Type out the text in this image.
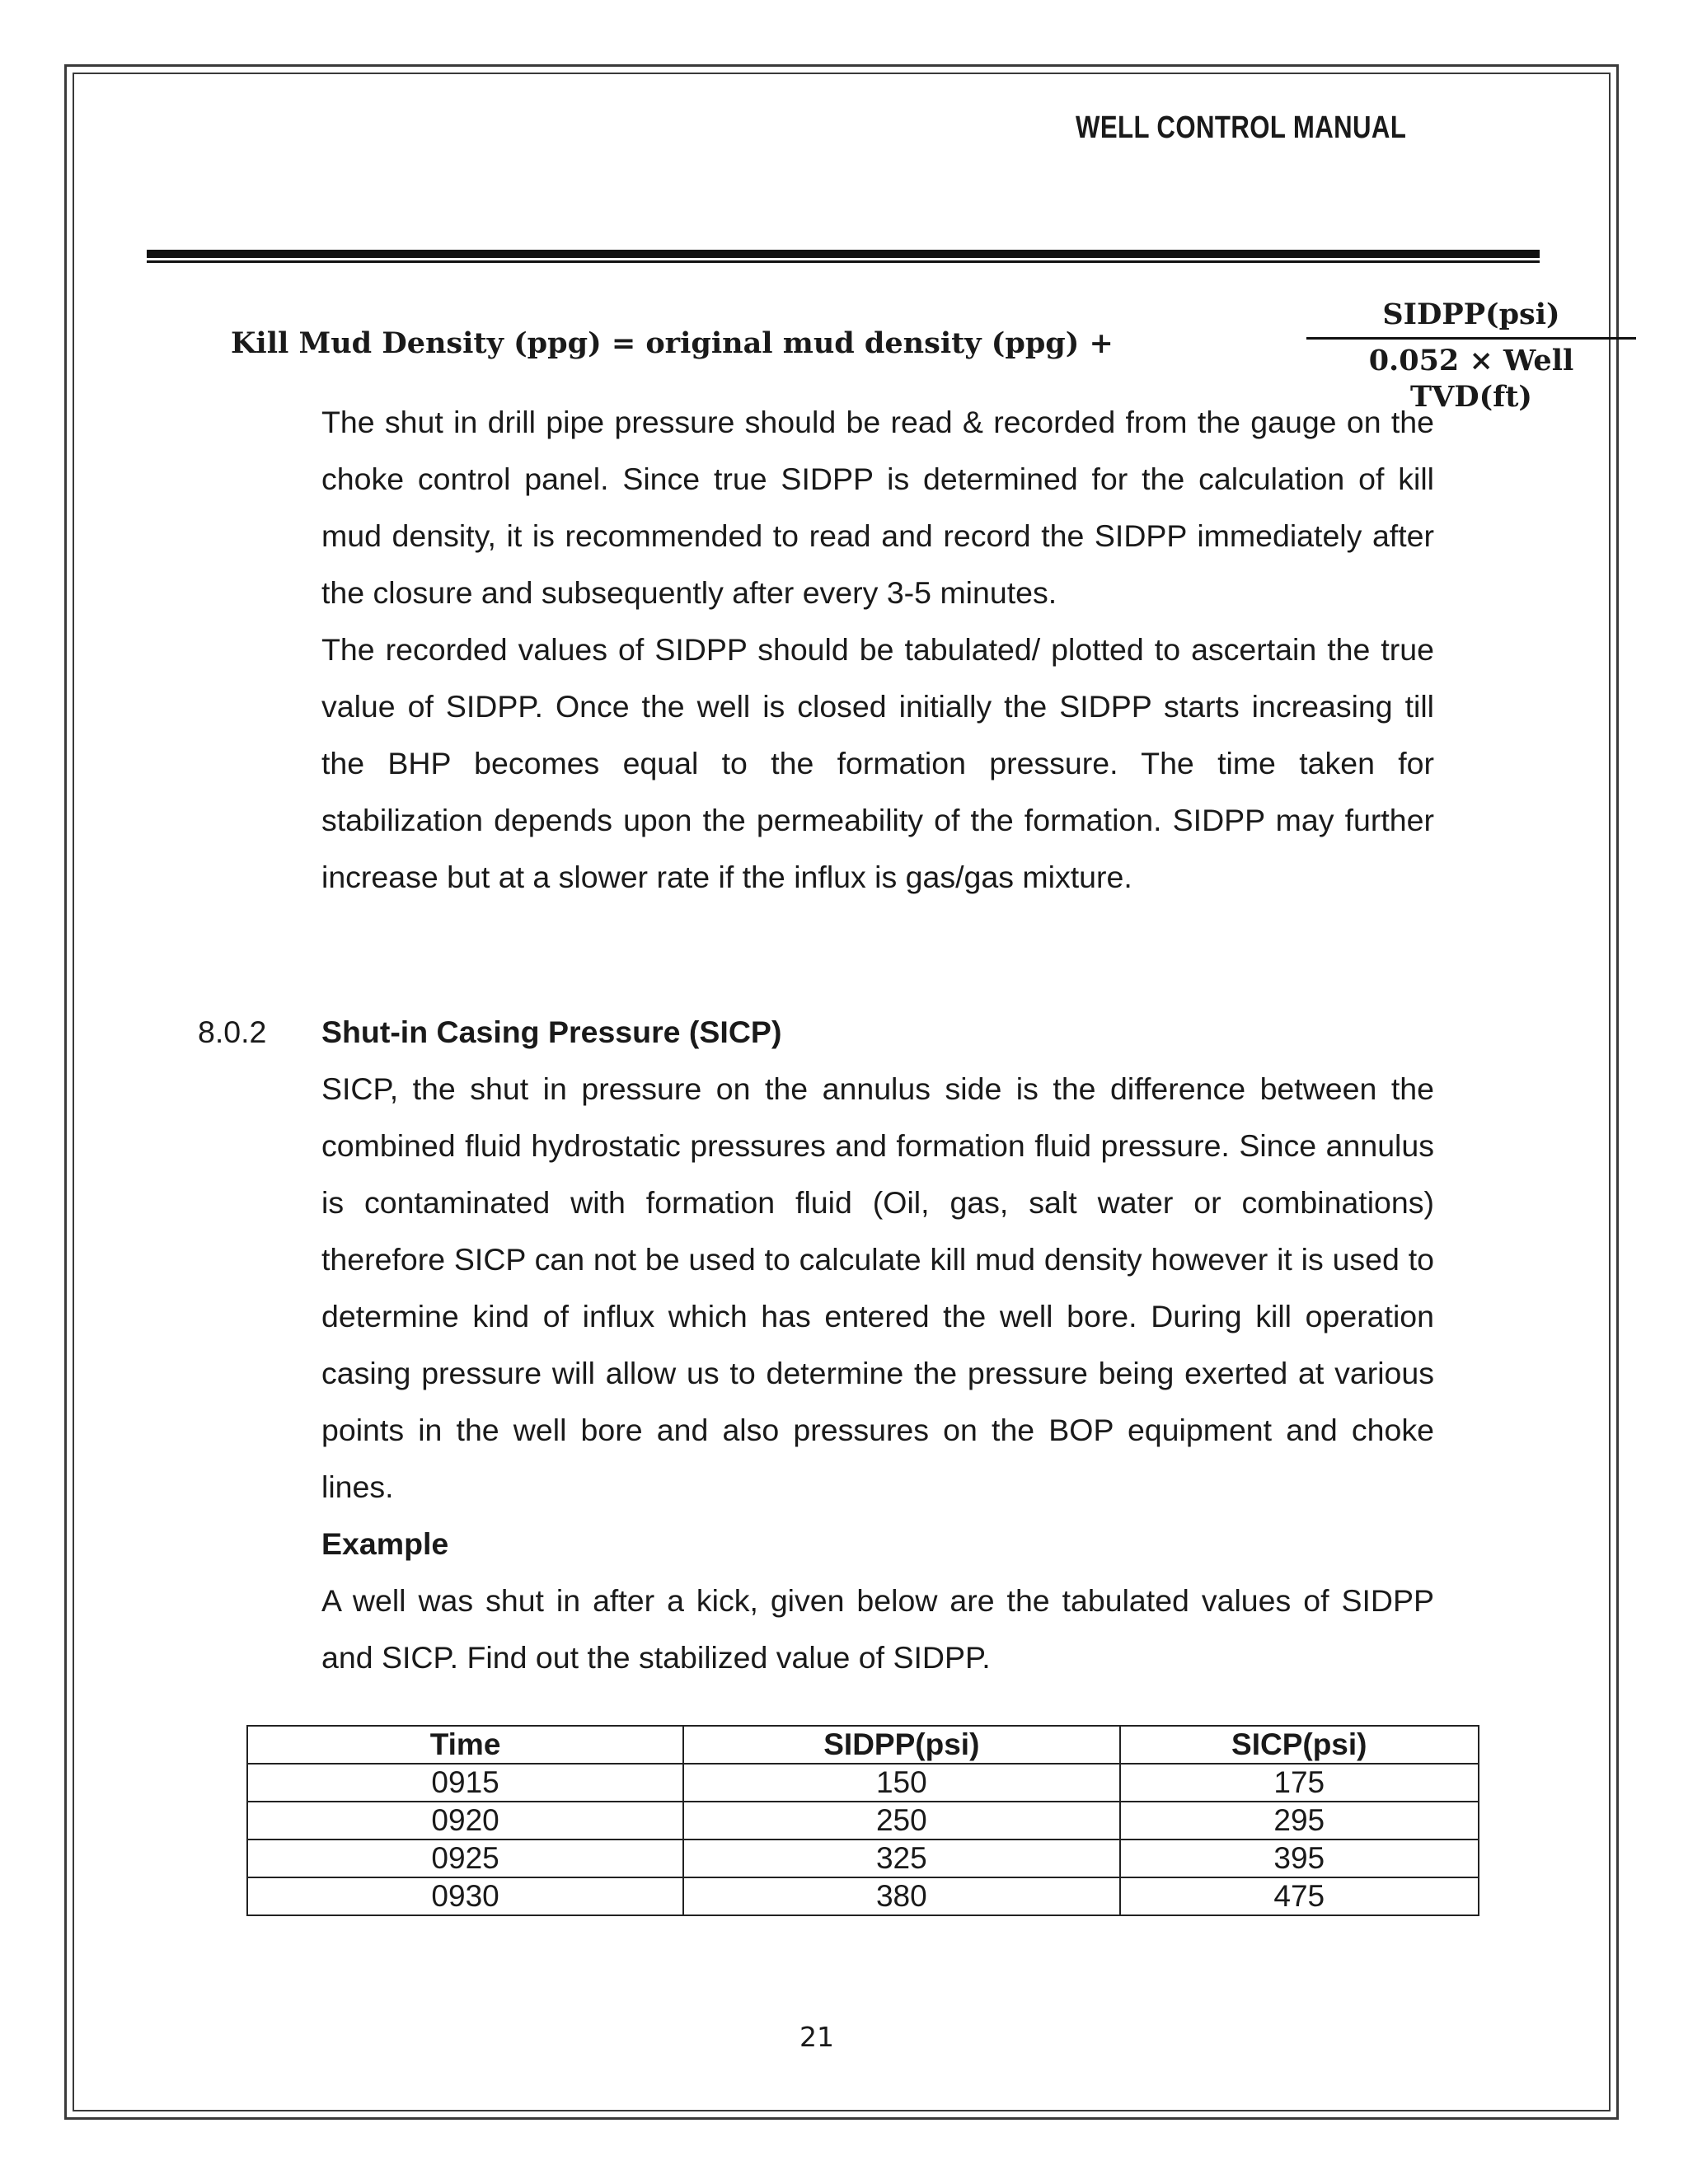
WELL CONTROL MANUAL
Kill Mud Density (ppg) = original mud density (ppg) +
SIDPP(psi)
0.052 × Well TVD(ft)
The shut in drill pipe pressure should be read & recorded from the gauge on the choke control panel. Since true SIDPP is determined for the calculation of kill mud density, it is recommended to read and record the SIDPP immediately after the closure and subsequently after every 3-5 minutes.
The recorded values of SIDPP should be tabulated/ plotted to ascertain the true value of SIDPP. Once the well is closed initially the SIDPP starts increasing till the BHP becomes equal to the formation pressure. The time taken for stabilization depends upon the permeability of the formation. SIDPP may further increase but at a slower rate if the influx is gas/gas mixture.
8.0.2 Shut-in Casing Pressure (SICP)
SICP, the shut in pressure on the annulus side is the difference between the combined fluid hydrostatic pressures and formation fluid pressure. Since annulus is contaminated with formation fluid (Oil, gas, salt water or combinations) therefore SICP can not be used to calculate kill mud density however it is used to determine kind of influx which has entered the well bore. During kill operation casing pressure will allow us to determine the pressure being exerted at various points in the well bore and also pressures on the BOP equipment and choke lines.
Example
A well was shut in after a kick, given below are the tabulated values of SIDPP and SICP. Find out the stabilized value of SIDPP.
Time	SIDPP(psi)	SICP(psi)
0915	150	175
0920	250	295
0925	325	395
0930	380	475
21
